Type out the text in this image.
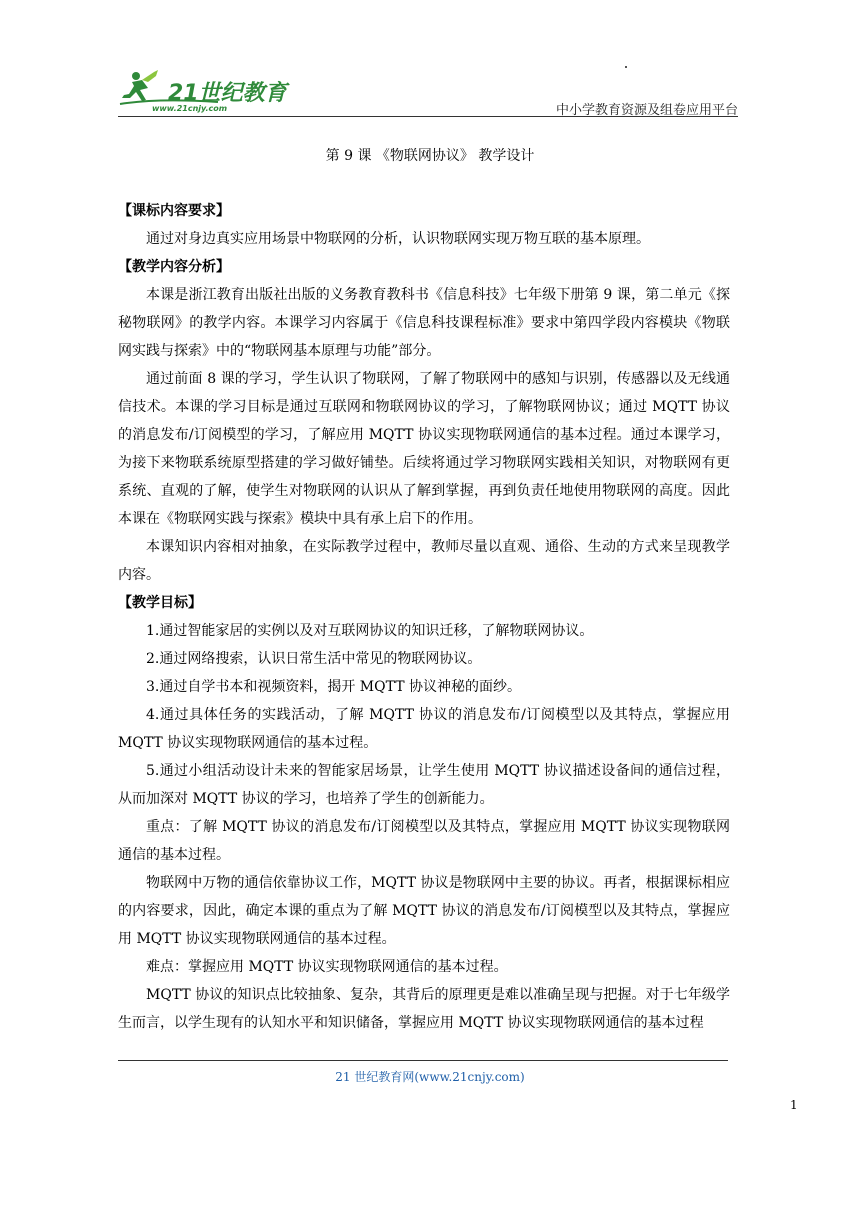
21世纪教育
www.21cnjy.com	中小学教育资源及组卷应用平台
第 9 课 《物联网协议》 教学设计
【课标内容要求】
通过对身边真实应用场景中物联网的分析，认识物联网实现万物互联的基本原理。
【教学内容分析】
本课是浙江教育出版社出版的义务教育教科书《信息科技》七年级下册第 9 课，第二单元《探秘物联网》的教学内容。本课学习内容属于《信息科技课程标准》要求中第四学段内容模块《物联网实践与探索》中的“物联网基本原理与功能”部分。
通过前面 8 课的学习，学生认识了物联网，了解了物联网中的感知与识别，传感器以及无线通信技术。本课的学习目标是通过互联网和物联网协议的学习，了解物联网协议；通过 MQTT 协议的消息发布/订阅模型的学习，了解应用 MQTT 协议实现物联网通信的基本过程。通过本课学习，为接下来物联系统原型搭建的学习做好铺垫。后续将通过学习物联网实践相关知识，对物联网有更系统、直观的了解，使学生对物联网的认识从了解到掌握，再到负责任地使用物联网的高度。因此本课在《物联网实践与探索》模块中具有承上启下的作用。
本课知识内容相对抽象，在实际教学过程中，教师尽量以直观、通俗、生动的方式来呈现教学内容。
【教学目标】
1.通过智能家居的实例以及对互联网协议的知识迁移，了解物联网协议。
2.通过网络搜索，认识日常生活中常见的物联网协议。
3.通过自学书本和视频资料，揭开 MQTT 协议神秘的面纱。
4.通过具体任务的实践活动，了解 MQTT 协议的消息发布/订阅模型以及其特点，掌握应用 MQTT 协议实现物联网通信的基本过程。
5.通过小组活动设计未来的智能家居场景，让学生使用 MQTT 协议描述设备间的通信过程，从而加深对 MQTT 协议的学习，也培养了学生的创新能力。
重点：了解 MQTT 协议的消息发布/订阅模型以及其特点，掌握应用 MQTT 协议实现物联网通信的基本过程。
物联网中万物的通信依靠协议工作，MQTT 协议是物联网中主要的协议。再者，根据课标相应的内容要求，因此，确定本课的重点为了解 MQTT 协议的消息发布/订阅模型以及其特点，掌握应用 MQTT 协议实现物联网通信的基本过程。
难点：掌握应用 MQTT 协议实现物联网通信的基本过程。
MQTT 协议的知识点比较抽象、复杂，其背后的原理更是难以准确呈现与把握。对于七年级学生而言，以学生现有的认知水平和知识储备，掌握应用 MQTT 协议实现物联网通信的基本过程
21 世纪教育网(www.21cnjy.com)
1
